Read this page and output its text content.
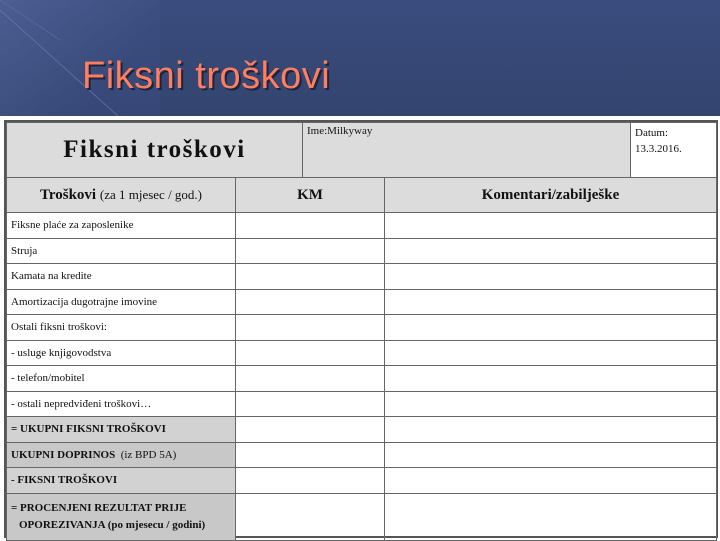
Fiksni troškovi
Fiksni troškovi		Ime:Milkyway		Datum:
13.3.2016.
Troškovi (za 1 mjesec / god.)	KM		Komentari/zabilješke	
Fiksne plaće za zaposlenike				
Struja				
Kamata na kredite				
Amortizacija dugotrajne imovine				
Ostali fiksni troškovi:				
- usluge knjigovodstva				
- telefon/mobitel				
- ostali nepredviđeni troškovi…				
= UKUPNI FIKSNI TROŠKOVI				
UKUPNI DOPRINOS (iz BPD 5A)				
- FIKSNI TROŠKOVI				
= PROCENJENI REZULTAT PRIJE
OPOREZIVANJA (po mjesecu / godini)				
